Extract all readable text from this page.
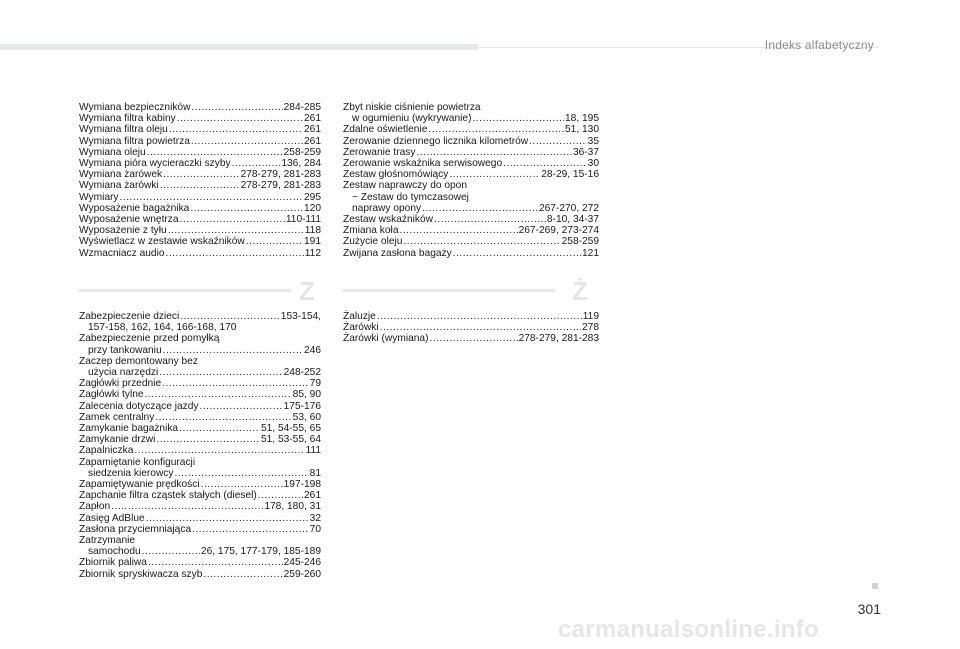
Indeks alfabetyczny
Wymiana bezpieczników .....	284-285
Wymiana filtra kabiny .....	261
Wymiana filtra oleju .....	261
Wymiana filtra powietrza .....	261
Wymiana oleju .....	258-259
Wymiana pióra wycieraczki szyby .....	136, 284
Wymiana żarówek .....	278-279, 281-283
Wymiana żarówki .....	278-279, 281-283
Wymiary .....	295
Wyposażenie bagażnika .....	120
Wyposażenie wnętrza .....	110-111
Wyposażenie z tyłu .....	118
Wyświetlacz w zestawie wskaźników .....	191
Wzmacniacz audio .....	112
Zbyt niskie ciśnienie powietrza
w ogumieniu (wykrywanie) .....	18, 195
Zdalne oświetlenie .....	51, 130
Zerowanie dziennego licznika kilometrów .....	35
Zerowanie trasy .....	36-37
Zerowanie wskaźnika serwisowego .....	30
Zestaw głośnomówiący .....	28-29, 15-16
Zestaw naprawczy do opon
~ Zestaw do tymczasowej
naprawy opony .....	267-270, 272
Zestaw wskaźników .....	8-10, 34-37
Zmiana koła .....	267-269, 273-274
Zużycie oleju .....	258-259
Zwijana zasłona bagaży .....	121
Z	Ż
Zabezpieczenie dzieci .....	153-154,
157-158, 162, 164, 166-168, 170
Zabezpieczenie przed pomyłką
przy tankowaniu .....	246
Zaczep demontowany bez
użycia narzędzi .....	248-252
Zagłówki przednie .....	79
Zagłówki tylne .....	85, 90
Zalecenia dotyczące jazdy .....	175-176
Zamek centralny .....	53, 60
Zamykanie bagażnika .....	51, 54-55, 65
Zamykanie drzwi .....	51, 53-55, 64
Zapalniczka .....	111
Zapamiętanie konfiguracji
siedzenia kierowcy .....	81
Zapamiętywanie prędkości .....	197-198
Zapchanie filtra cząstek stałych (diesel) .....	261
Zapłon .....	178, 180, 31
Zasięg AdBlue .....	32
Zasłona przyciemniająca .....	70
Zatrzymanie
samochodu .....	26, 175, 177-179, 185-189
Zbiornik paliwa .....	245-246
Zbiornik spryskiwacza szyb .....	259-260
Żaluzje .....	119
Żarówki .....	278
Żarówki (wymiana) .....	278-279, 281-283
301
carmanualsonline.info
